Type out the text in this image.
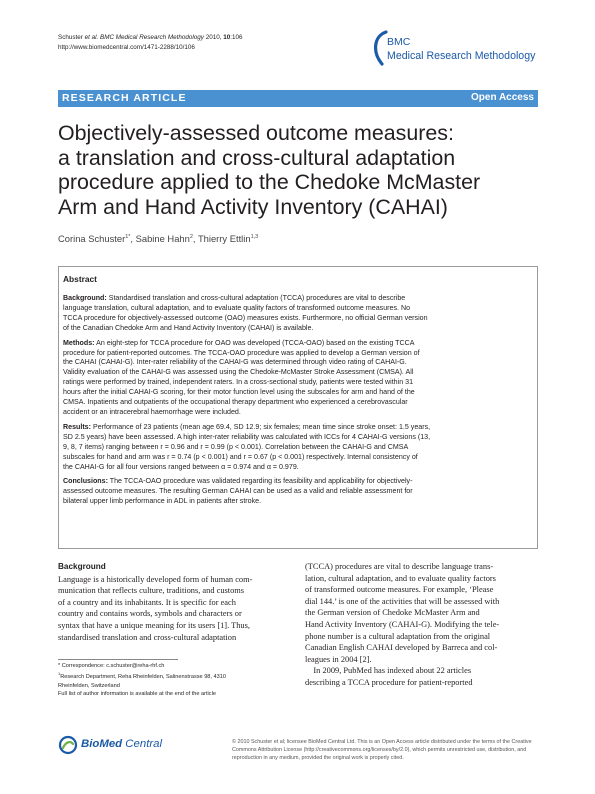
Schuster et al. BMC Medical Research Methodology 2010, 10:106
http://www.biomedcentral.com/1471-2288/10/106	BMC
Medical Research Methodology
RESEARCH ARTICLE	Open Access
Objectively-assessed outcome measures:
a translation and cross-cultural adaptation
procedure applied to the Chedoke McMaster
Arm and Hand Activity Inventory (CAHAI)
Corina Schuster$^{1*}$, Sabine Hahn$^2$, Thierry Ettlin$^{1,3}$
Abstract

Background: Standardised translation and cross-cultural adaptation (TCCA) procedures are vital to describe
language translation, cultural adaptation, and to evaluate quality factors of transformed outcome measures. No
TCCA procedure for objectively-assessed outcome (OAO) measures exists. Furthermore, no official German version
of the Canadian Chedoke Arm and Hand Activity Inventory (CAHAI) is available.

Methods: An eight-step for TCCA procedure for OAO was developed (TCCA-OAO) based on the existing TCCA
procedure for patient-reported outcomes. The TCCA-OAO procedure was applied to develop a German version of
the CAHAI (CAHAI-G). Inter-rater reliability of the CAHAI-G was determined through video rating of CAHAI-G.
Validity evaluation of the CAHAI-G was assessed using the Chedoke-McMaster Stroke Assessment (CMSA). All
ratings were performed by trained, independent raters. In a cross-sectional study, patients were tested within 31
hours after the initial CAHAI-G scoring, for their motor function level using the subscales for arm and hand of the
CMSA. Inpatients and outpatients of the occupational therapy department who experienced a cerebrovascular
accident or an intracerebral haemorrhage were included.

Results: Performance of 23 patients (mean age 69.4, SD 12.9; six females; mean time since stroke onset: 1.5 years,
SD 2.5 years) have been assessed. A high inter-rater reliability was calculated with ICCs for 4 CAHAI-G versions (13,
9, 8, 7 items) ranging between r = 0.96 and r = 0.99 (p < 0.001). Correlation between the CAHAI-G and CMSA
subscales for hand and arm was r = 0.74 (p < 0.001) and r = 0.67 (p < 0.001) respectively. Internal consistency of
the CAHAI-G for all four versions ranged between α = 0.974 and α = 0.979.

Conclusions: The TCCA-OAO procedure was validated regarding its feasibility and applicability for objectively-
assessed outcome measures. The resulting German CAHAI can be used as a valid and reliable assessment for
bilateral upper limb performance in ADL in patients after stroke.

Background
Language is a historically developed form of human com-
munication that reflects culture, traditions, and customs
of a country and its inhabitants. It is specific for each
country and contains words, symbols and characters or
syntax that have a unique meaning for its users [1]. Thus,
standardised translation and cross-cultural adaptation
(TCCA) procedures are vital to describe language trans-
lation, cultural adaptation, and to evaluate quality factors
of transformed outcome measures. For example, ‘Please
dial 144.’ is one of the activities that will be assessed with
the German version of Chedoke McMaster Arm and
Hand Activity Inventory (CAHAI-G). Modifying the tele-
phone number is a cultural adaptation from the original
Canadian English CAHAI developed by Barreca and col-
leagues in 2004 [2].
In 2009, PubMed has indexed about 22 articles
describing a TCCA procedure for patient-reported
* Correspondence: c.schuster@reha-rhf.ch
$^1$Research Department, Reha Rheinfelden, Salinenstrasse 98, 4310
Rheinfelden, Switzerland
Full list of author information is available at the end of the article
BioMed Central	© 2010 Schuster et al; licensee BioMed Central Ltd. This is an Open Access article distributed under the terms of the Creative
Commons Attribution License (http://creativecommons.org/licenses/by/2.0), which permits unrestricted use, distribution, and
reproduction in any medium, provided the original work is properly cited.
